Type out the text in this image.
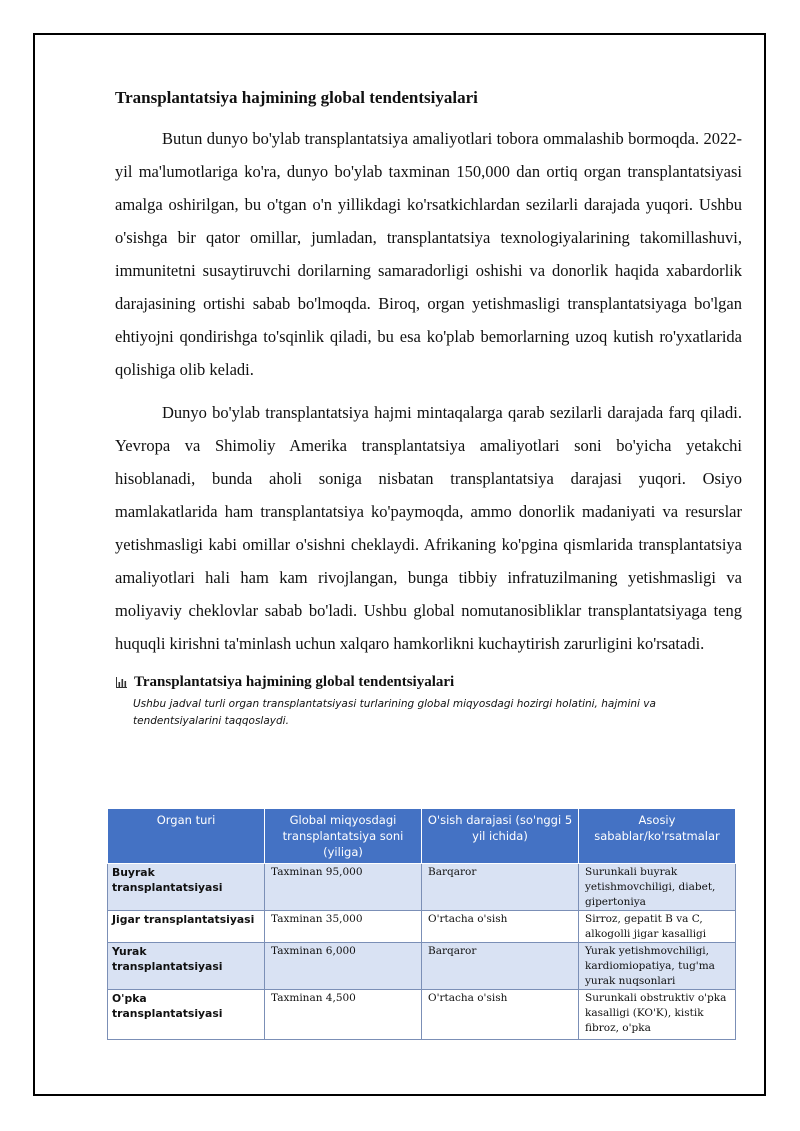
Transplantatsiya hajmining global tendentsiyalari

Butun dunyo bo'ylab transplantatsiya amaliyotlari tobora ommalashib bormoqda. 2022-yil ma'lumotlariga ko'ra, dunyo bo'ylab taxminan 150,000 dan ortiq organ transplantatsiyasi amalga oshirilgan, bu o'tgan o'n yillikdagi ko'rsatkichlardan sezilarli darajada yuqori. Ushbu o'sishga bir qator omillar, jumladan, transplantatsiya texnologiyalarining takomillashuvi, immunitetni susaytiruvchi dorilarning samaradorligi oshishi va donorlik haqida xabardorlik darajasining ortishi sabab bo'lmoqda. Biroq, organ yetishmasligi transplantatsiyaga bo'lgan ehtiyojni qondirishga to'sqinlik qiladi, bu esa ko'plab bemorlarning uzoq kutish ro'yxatlarida qolishiga olib keladi.

Dunyo bo'ylab transplantatsiya hajmi mintaqalarga qarab sezilarli darajada farq qiladi. Yevropa va Shimoliy Amerika transplantatsiya amaliyotlari soni bo'yicha yetakchi hisoblanadi, bunda aholi soniga nisbatan transplantatsiya darajasi yuqori. Osiyo mamlakatlarida ham transplantatsiya ko'paymoqda, ammo donorlik madaniyati va resurslar yetishmasligi kabi omillar o'sishni cheklaydi. Afrikaning ko'pgina qismlarida transplantatsiya amaliyotlari hali ham kam rivojlangan, bunga tibbiy infratuzilmaning yetishmasligi va moliyaviy cheklovlar sabab bo'ladi. Ushbu global nomutanosibliklar transplantatsiyaga teng huquqli kirishni ta'minlash uchun xalqaro hamkorlikni kuchaytirish zarurligini ko'rsatadi.

Transplantatsiya hajmining global tendentsiyalari
Ushbu jadval turli organ transplantatsiyasi turlarining global miqyosdagi hozirgi holatini, hajmini va tendentsiyalarini taqqoslaydi.
Organ turi	Global miqyosdagi transplantatsiya soni (yiliga)	O'sish darajasi (so'nggi 5 yil ichida)	Asosiy sabablar/ko'rsatmalar
Buyrak transplantatsiyasi	Taxminan 95,000	Barqaror	Surunkali buyrak yetishmovchiligi, diabet, gipertoniya
Jigar transplantatsiyasi	Taxminan 35,000	O'rtacha o'sish	Sirroz, gepatit B va C, alkogolli jigar kasalligi
Yurak transplantatsiyasi	Taxminan 6,000	Barqaror	Yurak yetishmovchiligi, kardiomiopatiya, tug'ma yurak nuqsonlari
O'pka transplantatsiyasi	Taxminan 4,500	O'rtacha o'sish	Surunkali obstruktiv o'pka kasalligi (KO'K), kistik fibroz, o'pka
